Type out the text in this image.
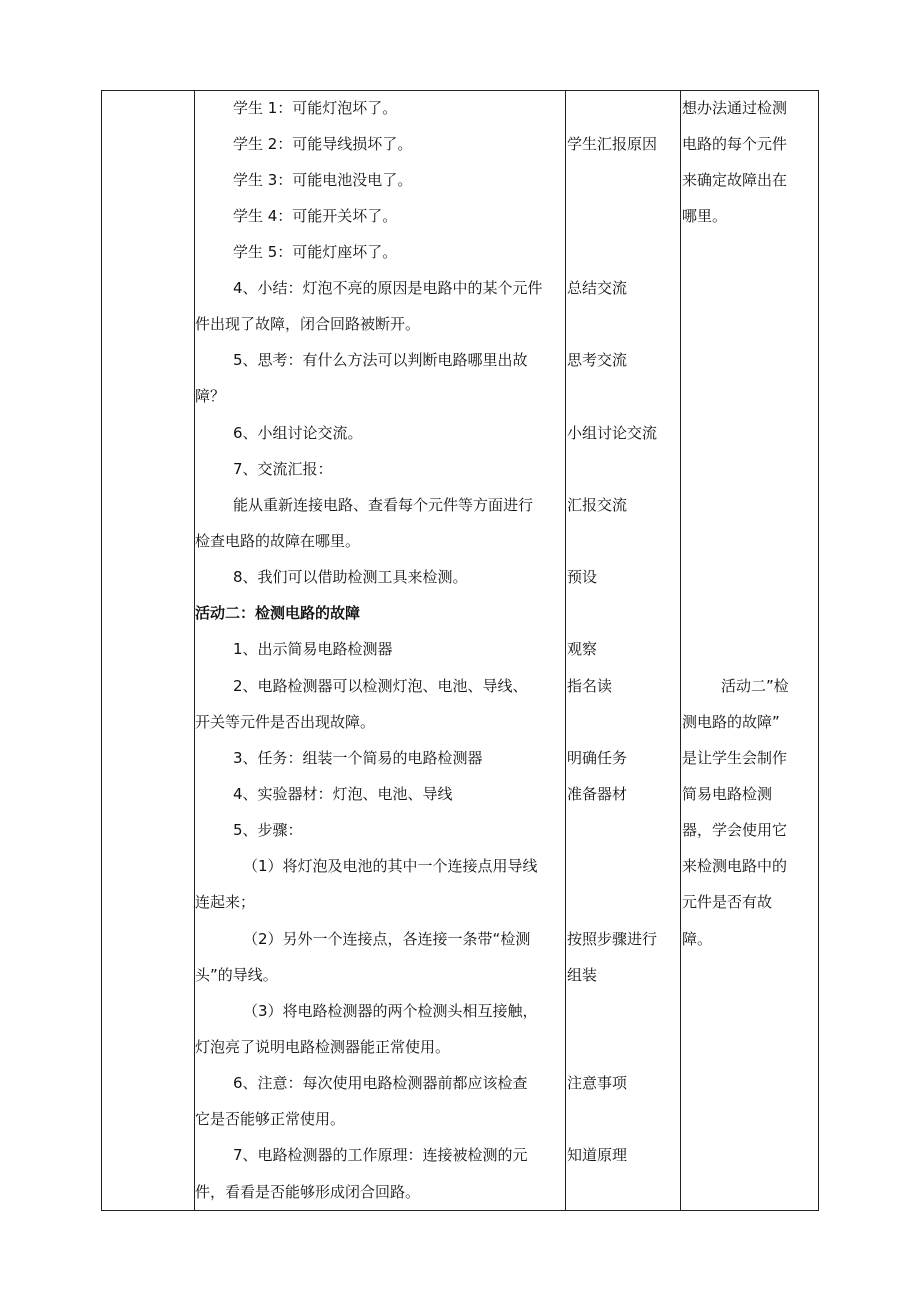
学生 1：可能灯泡坏了。
学生 2：可能导线损坏了。
学生 3：可能电池没电了。
学生 4：可能开关坏了。
学生 5：可能灯座坏了。
4、小结：灯泡不亮的原因是电路中的某个元件
件出现了故障，闭合回路被断开。
5、思考：有什么方法可以判断电路哪里出故
障？
6、小组讨论交流。
7、交流汇报：
能从重新连接电路、查看每个元件等方面进行
检查电路的故障在哪里。
8、我们可以借助检测工具来检测。
活动二：检测电路的故障
1、出示简易电路检测器
2、电路检测器可以检测灯泡、电池、导线、
开关等元件是否出现故障。
3、任务：组装一个简易的电路检测器
4、实验器材：灯泡、电池、导线
5、步骤：
（1）将灯泡及电池的其中一个连接点用导线
连起来；
（2）另外一个连接点，各连接一条带“检测
头”的导线。
（3）将电路检测器的两个检测头相互接触，
灯泡亮了说明电路检测器能正常使用。
6、注意：每次使用电路检测器前都应该检查
它是否能够正常使用。
7、电路检测器的工作原理：连接被检测的元
件，看看是否能够形成闭合回路。
学生汇报原因
总结交流
思考交流
小组讨论交流
汇报交流
预设
观察
指名读
明确任务
准备器材
按照步骤进行
组装
注意事项
知道原理
想办法通过检测
电路的每个元件
来确定故障出在
哪里。
活动二”检
测电路的故障”
是让学生会制作
简易电路检测
器，学会使用它
来检测电路中的
元件是否有故
障。
